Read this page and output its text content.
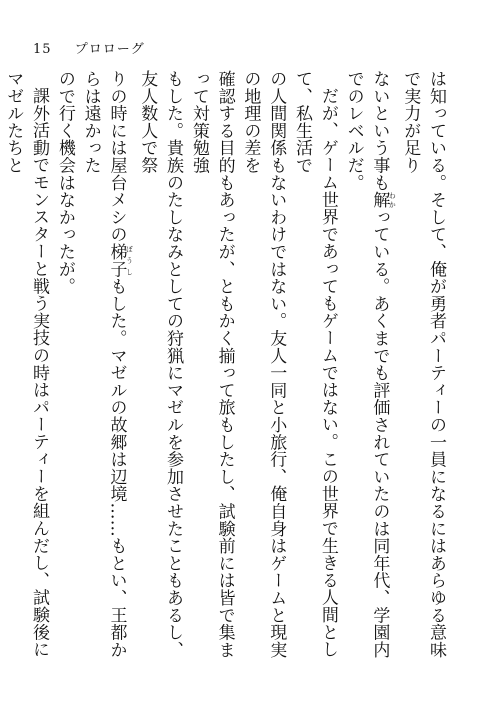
15 プロローグ

は知っている。そして、俺が勇者パーティーの一員になるにはあらゆる意味で実力が足り

ないという事も解 わかっている。あくまでも評価されていたのは同年代、学園内でのレベルだ。

だが、ゲーム世界であってもゲームではない。この世界で生きる人間として、私生活で

の人間関係もないわけではない。友人一同と小旅行、俺自身はゲームと現実の地理の差を

確認する目的もあったが、ともかく揃って旅もしたし、試験前には皆で集まって対策勉強

もした。貴族のたしなみとしての狩猟にマゼルを参加させたこともあるし、友人数人で祭

りの時には屋台メシの梯子 ぼうしもした。マゼルの故郷は辺境……もとい、王都からは遠かった

ので行く機会はなかったが。

課外活動でモンスターと戦う実技の時はパーティーを組んだし、試験後にマゼルたちと
